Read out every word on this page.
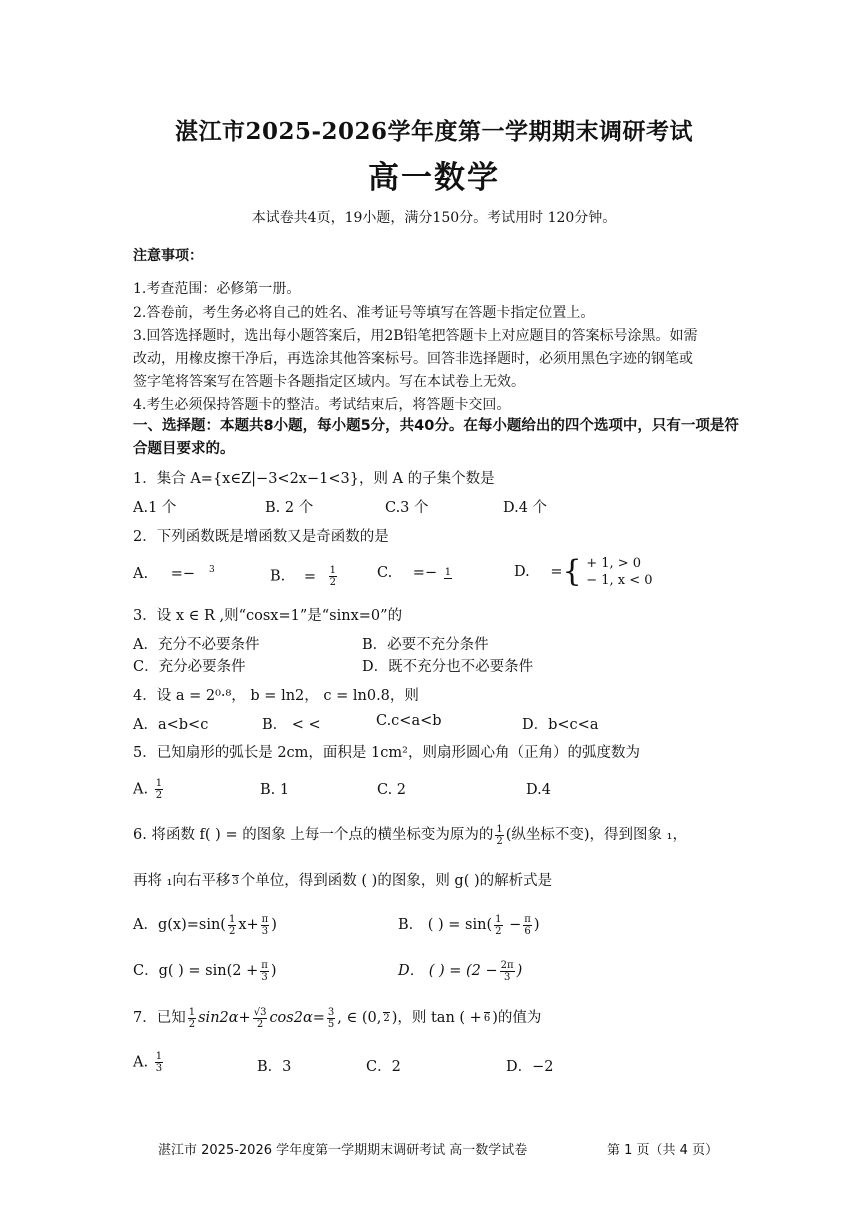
湛江市2025-2026学年度第一学期期末调研考试
高一数学
本试卷共4页，19小题，满分150分。考试用时 120分钟。
注意事项：
1.考查范围：必修第一册。
2.答卷前，考生务必将自己的姓名、准考证号等填写在答题卡指定位置上。
3.回答选择题时，选出每小题答案后，用2B铅笔把答题卡上对应题目的答案标号涂黑。如需
改动，用橡皮擦干净后，再选涂其他答案标号。回答非选择题时，必须用黑色字迹的钢笔或
签字笔将答案写在答题卡各题指定区域内。写在本试卷上无效。
4.考生必须保持答题卡的整洁。考试结束后，将答题卡交回。
一、选择题：本题共8小题，每小题5分，共40分。在每小题给出的四个选项中，只有一项是符合题目要求的。
1．集合 A={x∈Z|−3<2x−1<3}，则 A 的子集个数是
A.1 个	B. 2 个	C.3 个	D.4 个
2．下列函数既是增函数又是奇函数的是
A. =− $^3$	B. = $\frac{1}{2}$	C. =− 1	D. ={ + 1, > 0
− 1, x < 0
3．设 x ∈ R ,则“cosx=1”是“sinx=0”的
A．充分不必要条件	B．必要不充分条件
C．充分必要条件	D．既不充分也不必要条件
4．设 a = 2⁰·⁸， b = ln2， c = ln0.8，则
A．a<b<c	B． < <	C.c<a<b	D．b<c<a
5．已知扇形的弧长是 2cm，面积是 1cm²，则扇形圆心角（正角）的弧度数为
A. $\frac{1}{2}$	B. 1	C. 2	D.4
6. 将函数 f( ) = 的图象 上每一个点的横坐标变为原为的 $\frac{1}{2}$ (纵坐标不变)，得到图象 ₁，
再将 ₁向右平移 3 个单位，得到函数 ( )的图象，则 g( )的解析式是
A．$g(x)=\sin( \frac{1}{2} x+ \frac{\pi}{3}$ )	B． ( ) = $\sin( \frac{1}{2} - \frac{\pi}{6}$ )
C．g( ) = $\sin(2 + \frac{\pi}{3}$ )	D． ( ) = ($2 - \frac{2\pi}{3}$ )
7．已知 $\frac{1}{2} \sin 2\alpha+ \frac{√3}{2} \cos 2\alpha= \frac{3}{5}$ , ∈ (0, 2 )，则 tan ( + 6 )的值为
A. $\frac{1}{3}$	B．3	C．2	D．−2
湛江市 2025-2026 学年度第一学期期末调研考试 高一数学试卷	第 1 页（共 4 页）
